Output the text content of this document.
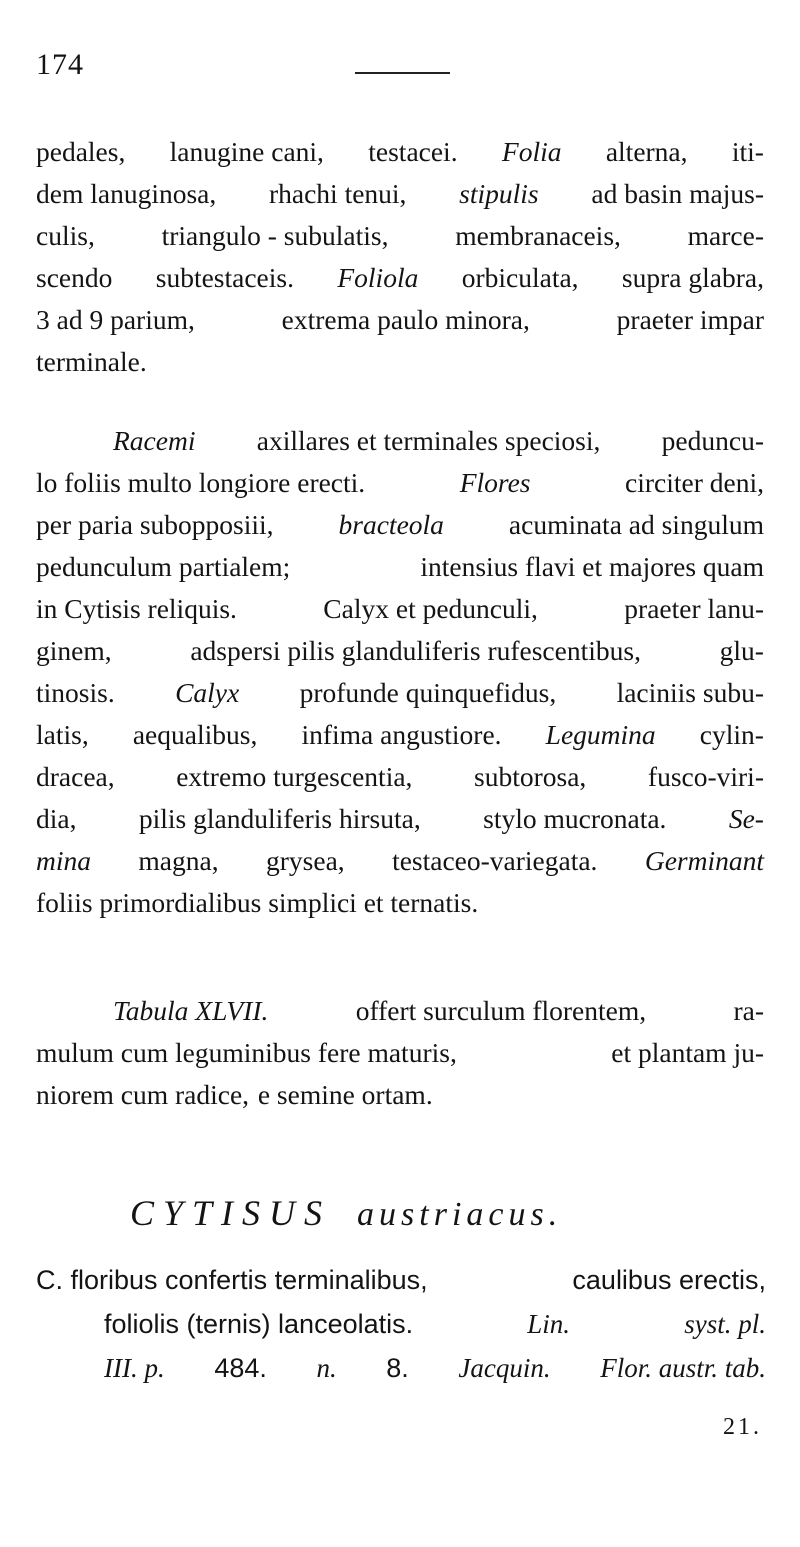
174
pedales, lanugine cani, testacei. Folia alterna, iti-
dem lanuginosa, rhachi tenui, stipulis ad basin majus-
culis, triangulo - subulatis, membranaceis, marce-
scendo subtestaceis. Foliola orbiculata, supra glabra,
3 ad 9 parium,	extrema paulo minora,	praeter impar
terminale.
Racemi axillares et terminales speciosi, peduncu-
lo foliis multo longiore erecti.	Flores	circiter deni,
per paria subopposiii, bracteola acuminata ad singulum
pedunculum partialem;	intensius flavi et majores quam
in Cytisis reliquis.	Calyx et pedunculi,	praeter lanu-
ginem,	adspersi pilis glanduliferis rufescentibus,	glu-
tinosis. Calyx profunde quinquefidus, laciniis subu-
latis, aequalibus, infima angustiore. Legumina cylin-
dracea, extremo turgescentia, subtorosa, fusco-viri-
dia, pilis glanduliferis hirsuta, stylo mucronata. Se-
mina magna, grysea, testaceo-variegata. Germinant
foliis primordialibus simplici et ternatis.
Tabula XLVII.	offert surculum florentem,	ra-
mulum cum leguminibus fere maturis,	et plantam ju-
niorem cum radice, e semine ortam.
CYTISUS austriacus.
C. floribus confertis terminalibus,	caulibus erectis,
foliolis (ternis) lanceolatis.	Lin.	syst. pl.
III. p. 484. n. 8. Jacquin. Flor. austr. tab.
21.
